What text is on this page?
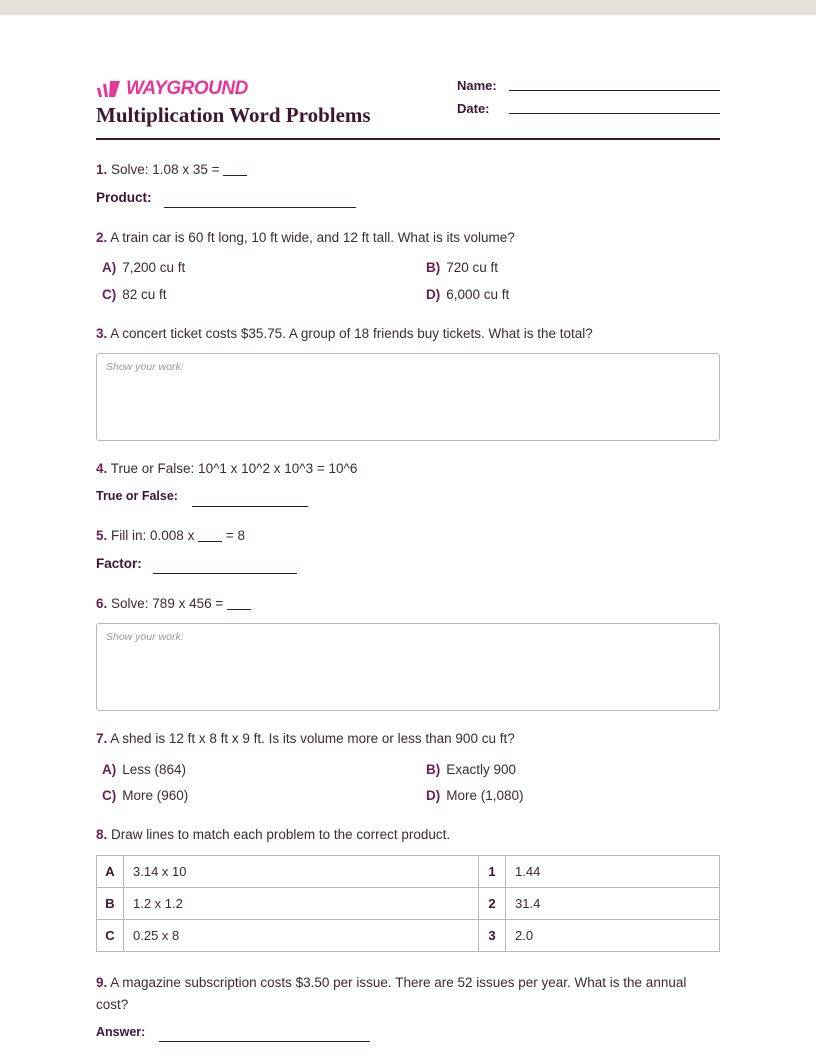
WAYGROUND
Multiplication Word Problems
Name:
Date:
1. Solve: 1.08 x 35 =
Product:
2. A train car is 60 ft long, 10 ft wide, and 12 ft tall. What is its volume?
A) 7,200 cu ft	B) 720 cu ft
C) 82 cu ft	D) 6,000 cu ft
3. A concert ticket costs $35.75. A group of 18 friends buy tickets. What is the total?
Show your work:
4. True or False: 10^1 x 10^2 x 10^3 = 10^6
True or False:
5. Fill in: 0.008 x = 8
Factor:
6. Solve: 789 x 456 =
Show your work:
7. A shed is 12 ft x 8 ft x 9 ft. Is its volume more or less than 900 cu ft?
A) Less (864)	B) Exactly 900
C) More (960)	D) More (1,080)
8. Draw lines to match each problem to the correct product.
A	3.14 x 10	1	1.44
B	1.2 x 1.2	2	31.4
C	0.25 x 8	3	2.0
9. A magazine subscription costs $3.50 per issue. There are 52 issues per year. What is the annual cost?
Answer:
